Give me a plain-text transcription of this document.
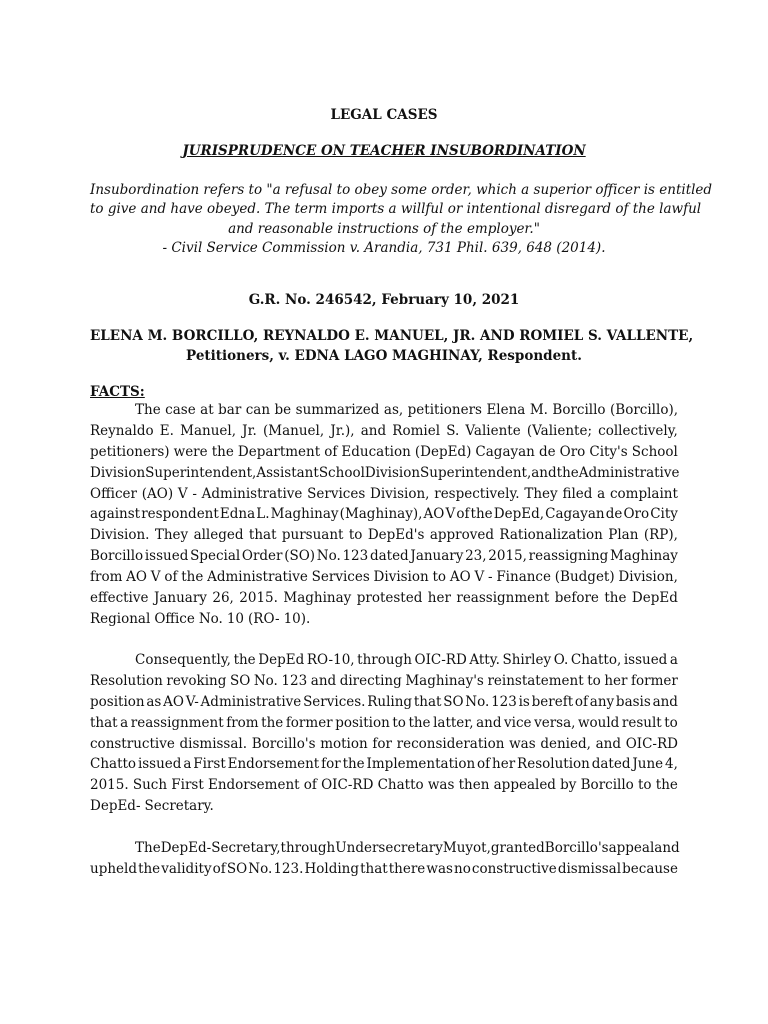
LEGAL CASES
JURISPRUDENCE ON TEACHER INSUBORDINATION
Insubordination refers to "a refusal to obey some order, which a superior officer is entitled
to give and have obeyed. The term imports a willful or intentional disregard of the lawful
and reasonable instructions of the employer."
- Civil Service Commission v. Arandia, 731 Phil. 639, 648 (2014).
G.R. No. 246542, February 10, 2021
ELENA M. BORCILLO, REYNALDO E. MANUEL, JR. AND ROMIEL S. VALLENTE,
Petitioners, v. EDNA LAGO MAGHINAY, Respondent.
FACTS:
The case at bar can be summarized as, petitioners Elena M. Borcillo (Borcillo),
Reynaldo E. Manuel, Jr. (Manuel, Jr.), and Romiel S. Valiente (Valiente; collectively,
petitioners) were the Department of Education (DepEd) Cagayan de Oro City's School
Division Superintendent, Assistant School Division Superintendent, and the Administrative
Officer (AO) V - Administrative Services Division, respectively. They filed a complaint
against respondent Edna L. Maghinay (Maghinay), AO V of the DepEd, Cagayan de Oro City
Division. They alleged that pursuant to DepEd's approved Rationalization Plan (RP),
Borcillo issued Special Order (SO) No. 123 dated January 23, 2015, reassigning Maghinay
from AO V of the Administrative Services Division to AO V - Finance (Budget) Division,
effective January 26, 2015. Maghinay protested her reassignment before the DepEd
Regional Office No. 10 (RO- 10).
Consequently, the DepEd RO-10, through OIC-RD Atty. Shirley O. Chatto, issued a
Resolution revoking SO No. 123 and directing Maghinay's reinstatement to her former
position as AO V- Administrative Services. Ruling that SO No. 123 is bereft of any basis and
that a reassignment from the former position to the latter, and vice versa, would result to
constructive dismissal. Borcillo's motion for reconsideration was denied, and OIC-RD
Chatto issued a First Endorsement for the Implementation of her Resolution dated June 4,
2015. Such First Endorsement of OIC-RD Chatto was then appealed by Borcillo to the
DepEd- Secretary.
The DepEd-Secretary, through Undersecretary Muyot, granted Borcillo's appeal and
upheld the validity of SO No. 123. Holding that there was no constructive dismissal because
